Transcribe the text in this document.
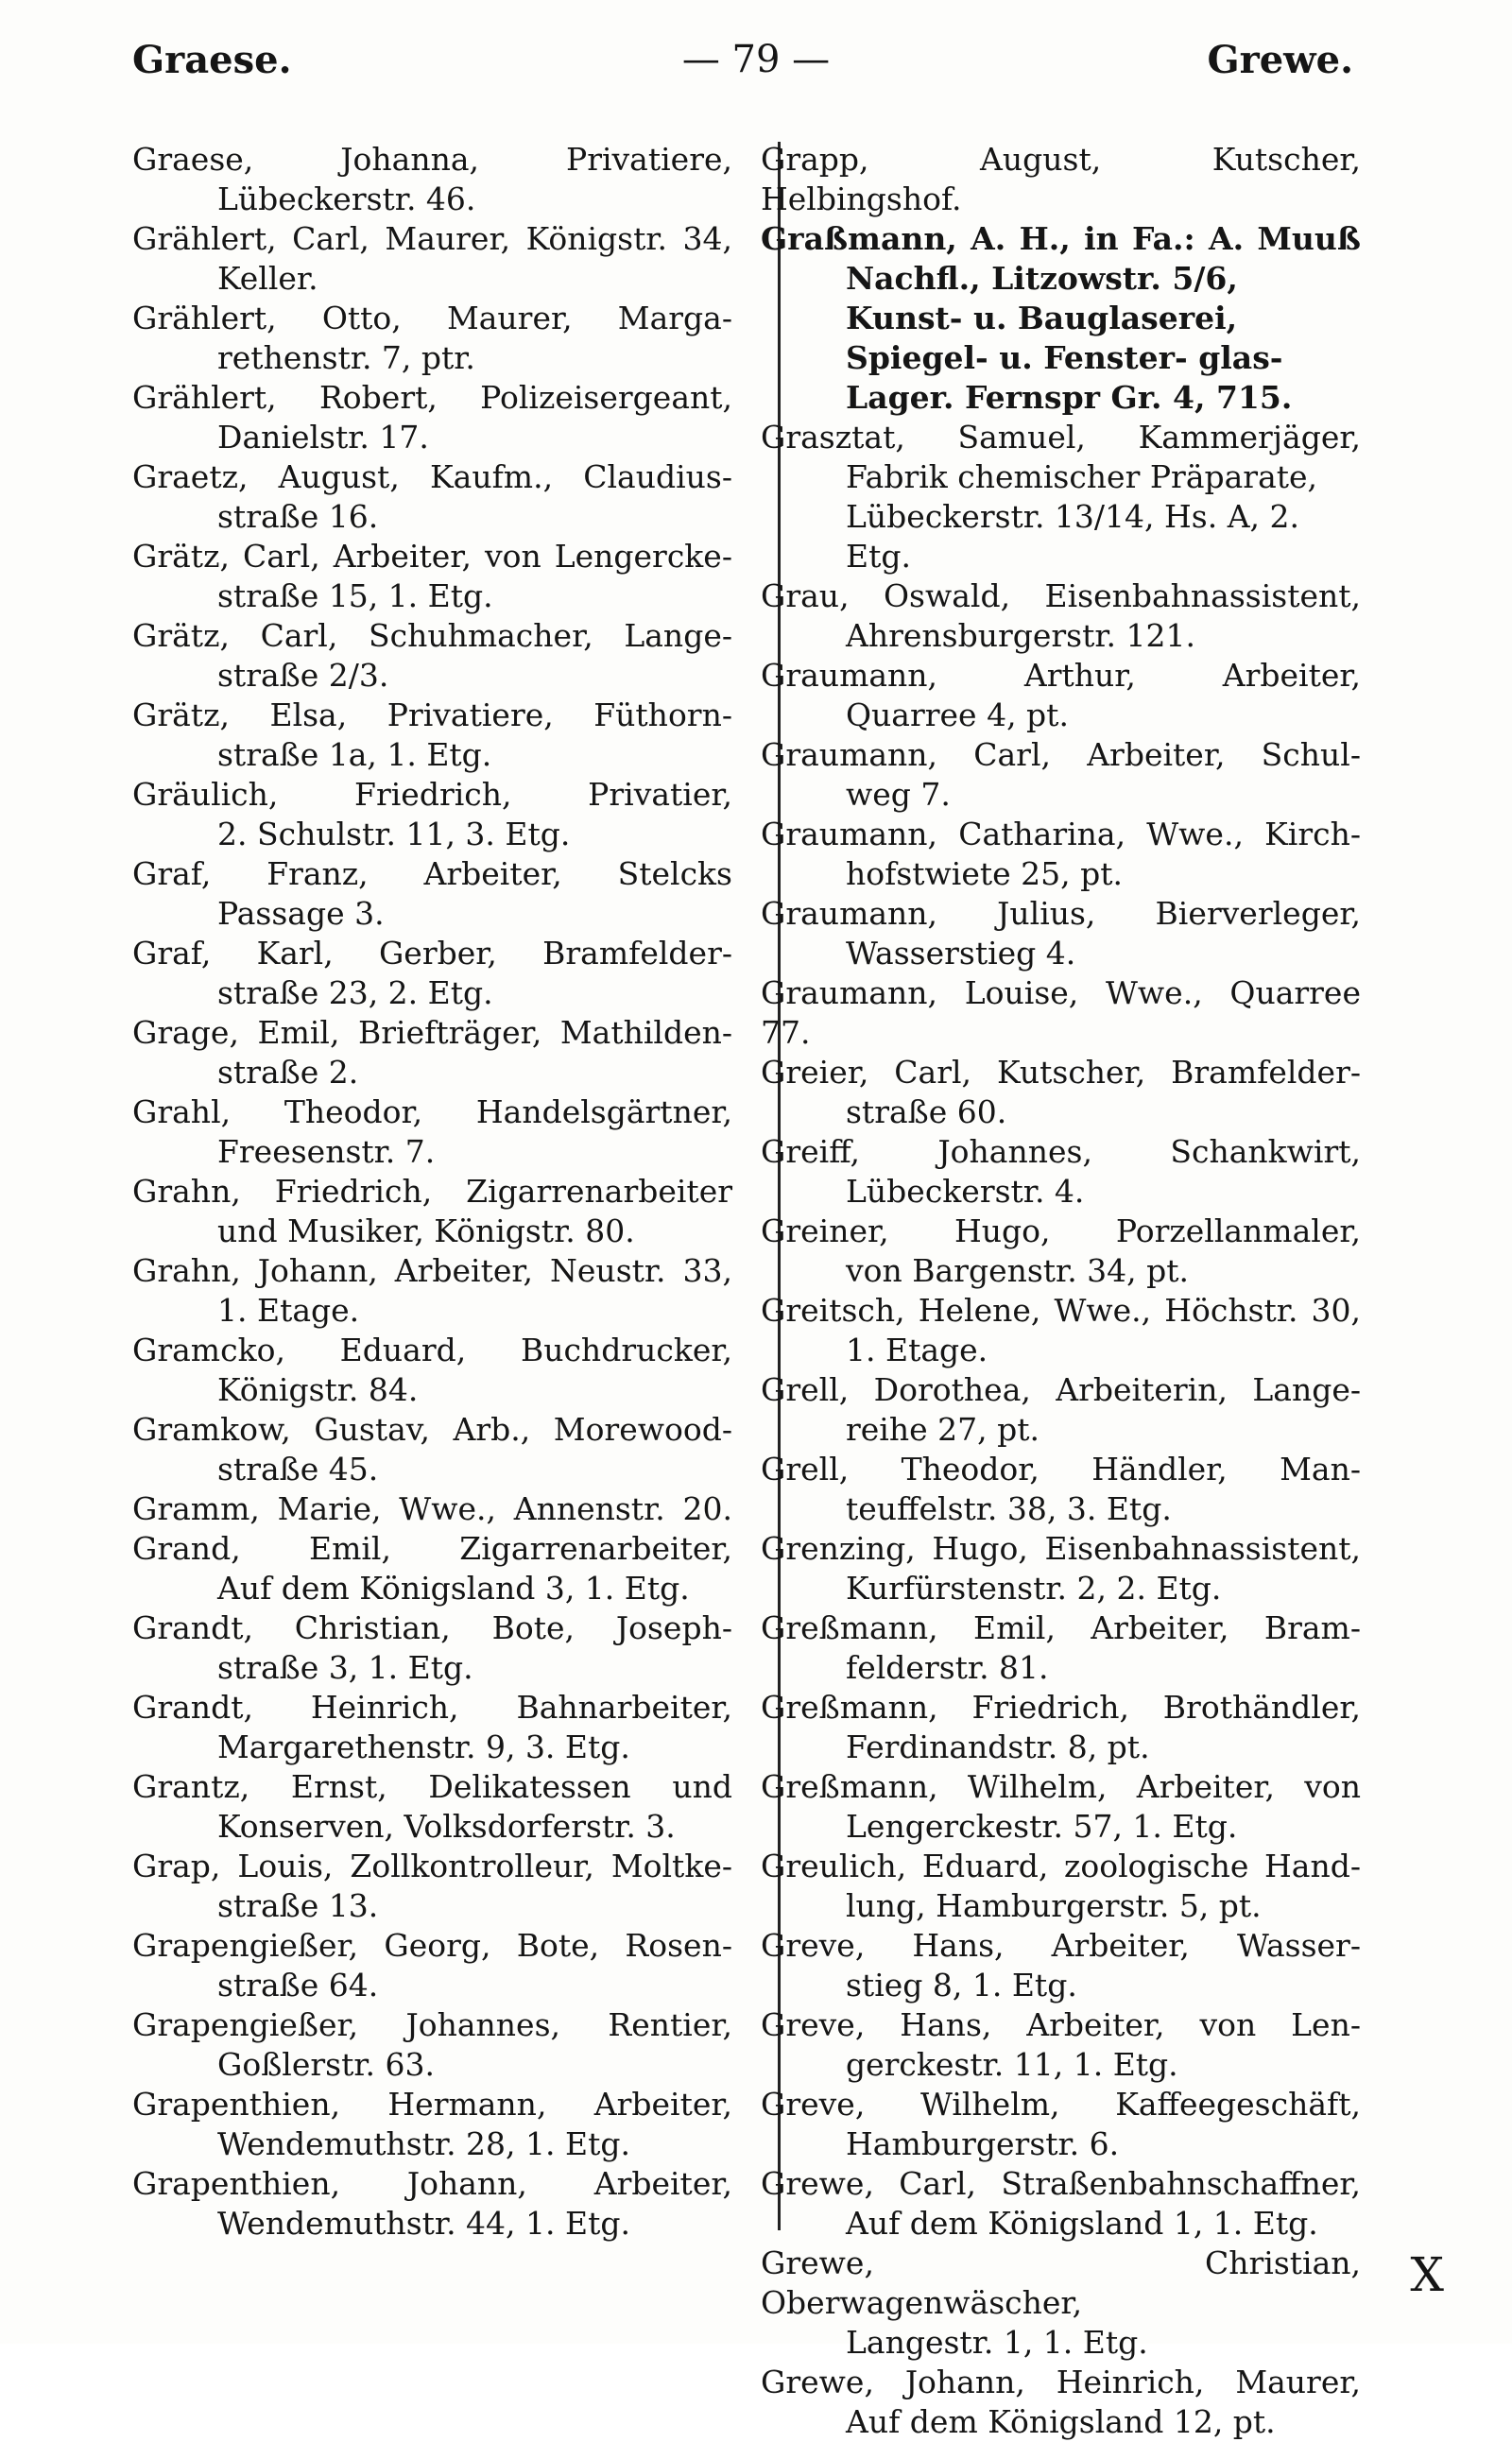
Graese.	— 79 —	Grewe.
Graese, Johanna, Privatiere,
Lübeckerstr. 46.
Grählert, Carl, Maurer, Königstr. 34,
Keller.
Grählert, Otto, Maurer, Marga-
rethenstr. 7, ptr.
Grählert, Robert, Polizeisergeant,
Danielstr. 17.
Graetz, August, Kaufm., Claudius-
straße 16.
Grätz, Carl, Arbeiter, von Lengercke-
straße 15, 1. Etg.
Grätz, Carl, Schuhmacher, Lange-
straße 2/3.
Grätz, Elsa, Privatiere, Füthorn-
straße 1a, 1. Etg.
Gräulich, Friedrich, Privatier,
2. Schulstr. 11, 3. Etg.
Graf, Franz, Arbeiter, Stelcks
Passage 3.
Graf, Karl, Gerber, Bramfelder-
straße 23, 2. Etg.
Grage, Emil, Briefträger, Mathilden-
straße 2.
Grahl, Theodor, Handelsgärtner,
Freesenstr. 7.
Grahn, Friedrich, Zigarrenarbeiter
und Musiker, Königstr. 80.
Grahn, Johann, Arbeiter, Neustr. 33,
1. Etage.
Gramcko, Eduard, Buchdrucker,
Königstr. 84.
Gramkow, Gustav, Arb., Morewood-
straße 45.
Gramm, Marie, Wwe., Annenstr. 20.
Grand, Emil, Zigarrenarbeiter,
Auf dem Königsland 3, 1. Etg.
Grandt, Christian, Bote, Joseph-
straße 3, 1. Etg.
Grandt, Heinrich, Bahnarbeiter,
Margarethenstr. 9, 3. Etg.
Grantz, Ernst, Delikatessen und
Konserven, Volksdorferstr. 3.
Grap, Louis, Zollkontrolleur, Moltke-
straße 13.
Grapengießer, Georg, Bote, Rosen-
straße 64.
Grapengießer, Johannes, Rentier,
Goßlerstr. 63.
Grapenthien, Hermann, Arbeiter,
Wendemuthstr. 28, 1. Etg.
Grapenthien, Johann, Arbeiter,
Wendemuthstr. 44, 1. Etg.
Grapp, August, Kutscher, Helbingshof.
Graßmann, A. H., in Fa.: A. Muuß
Nachfl., Litzowstr. 5/6, Kunst- u. Bauglaserei, Spiegel- u. Fenster- glas-Lager. Fernspr Gr. 4, 715.
Grasztat, Samuel, Kammerjäger,
Fabrik chemischer Präparate, Lübeckerstr. 13/14, Hs. A, 2. Etg.
Grau, Oswald, Eisenbahnassistent,
Ahrensburgerstr. 121.
Graumann, Arthur, Arbeiter,
Quarree 4, pt.
Graumann, Carl, Arbeiter, Schul-
weg 7.
Graumann, Catharina, Wwe., Kirch-
hofstwiete 25, pt.
Graumann, Julius, Bierverleger,
Wasserstieg 4.
Graumann, Louise, Wwe., Quarree 77.
Greier, Carl, Kutscher, Bramfelder-
straße 60.
Greiff, Johannes, Schankwirt,
Lübeckerstr. 4.
Greiner, Hugo, Porzellanmaler,
von Bargenstr. 34, pt.
Greitsch, Helene, Wwe., Höchstr. 30,
1. Etage.
Grell, Dorothea, Arbeiterin, Lange-
reihe 27, pt.
Grell, Theodor, Händler, Man-
teuffelstr. 38, 3. Etg.
Grenzing, Hugo, Eisenbahnassistent,
Kurfürstenstr. 2, 2. Etg.
Greßmann, Emil, Arbeiter, Bram-
felderstr. 81.
Greßmann, Friedrich, Brothändler,
Ferdinandstr. 8, pt.
Greßmann, Wilhelm, Arbeiter, von
Lengerckestr. 57, 1. Etg.
Greulich, Eduard, zoologische Hand-
lung, Hamburgerstr. 5, pt.
Greve, Hans, Arbeiter, Wasser-
stieg 8, 1. Etg.
Greve, Hans, Arbeiter, von Len-
gerckestr. 11, 1. Etg.
Greve, Wilhelm, Kaffeegeschäft,
Hamburgerstr. 6.
Grewe, Carl, Straßenbahnschaffner,
Auf dem Königsland 1, 1. Etg.
Grewe, Christian, Oberwagenwäscher,
Langestr. 1, 1. Etg.
Grewe, Johann, Heinrich, Maurer,
Auf dem Königsland 12, pt.
X
